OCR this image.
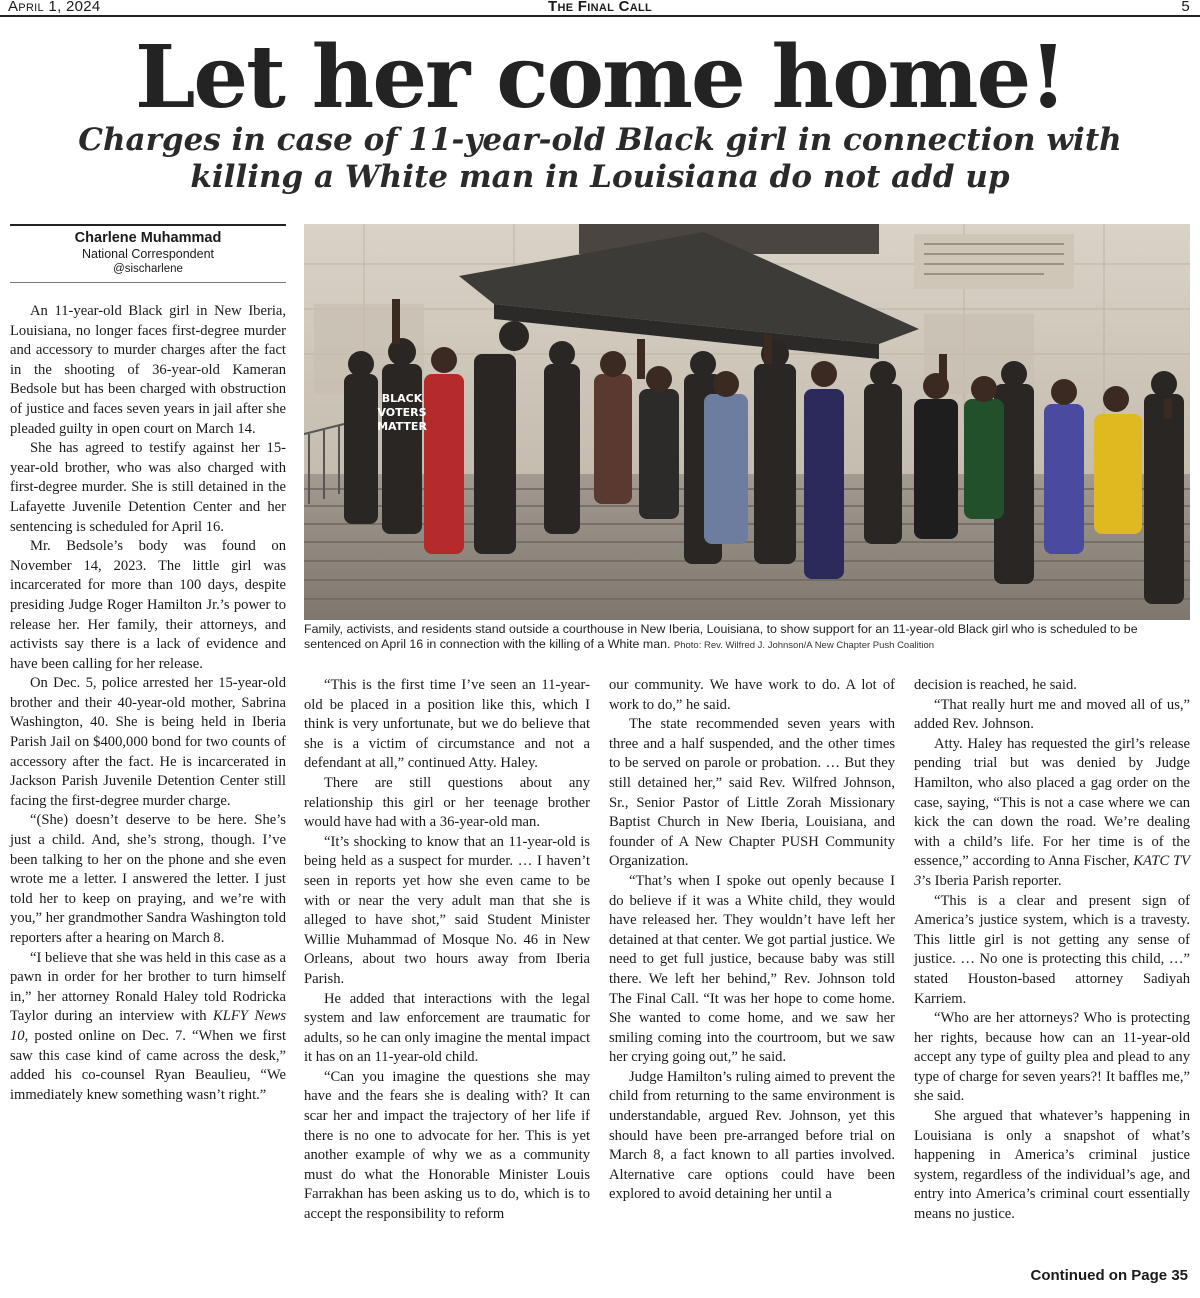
April 1, 2024	The Final Call	5
Let her come home!
Charges in case of 11-year-old Black girl in connection with
killing a White man in Louisiana do not add up
Charlene Muhammad
National Correspondent
@sischarlene

An 11-year-old Black girl in New Iberia, Louisiana, no longer faces first-degree murder and accessory to murder charges after the fact in the shooting of 36-year-old Kameran Bedsole but has been charged with obstruction of justice and faces seven years in jail after she pleaded guilty in open court on March 14.

She has agreed to testify against her 15-year-old brother, who was also charged with first-degree murder. She is still detained in the Lafayette Juvenile Detention Center and her sentencing is scheduled for April 16.

Mr. Bedsole’s body was found on November 14, 2023. The little girl was incarcerated for more than 100 days, despite presiding Judge Roger Hamilton Jr.’s power to release her. Her family, their attorneys, and activists say there is a lack of evidence and have been calling for her release.

On Dec. 5, police arrested her 15-year-old brother and their 40-year-old mother, Sabrina Washington, 40. She is being held in Iberia Parish Jail on $400,000 bond for two counts of accessory after the fact. He is incarcerated in Jackson Parish Juvenile Detention Center still facing the first-degree murder charge.

“(She) doesn’t deserve to be here. She’s just a child. And, she’s strong, though. I’ve been talking to her on the phone and she even wrote me a letter. I answered the letter. I just told her to keep on praying, and we’re with you,” her grandmother Sandra Washington told reporters after a hearing on March 8.

“I believe that she was held in this case as a pawn in order for her brother to turn himself in,” her attorney Ronald Haley told Rodricka Taylor during an interview with KLFY News 10, posted online on Dec. 7. “When we first saw this case kind of came across the desk,” added his co-counsel Ryan Beaulieu, “We immediately knew something wasn’t right.”

BLACK
VOTERS
MATTER
Family, activists, and residents stand outside a courthouse in New Iberia, Louisiana, to show support for an 11-year-old Black girl who is scheduled to be sentenced on April 16 in connection with the killing of a White man. Photo: Rev. Wilfred J. Johnson/A New Chapter Push Coalition

“This is the first time I’ve seen an 11-year-old be placed in a position like this, which I think is very unfortunate, but we do believe that she is a victim of circumstance and not a defendant at all,” continued Atty. Haley.

There are still questions about any relationship this girl or her teenage brother would have had with a 36-year-old man.

“It’s shocking to know that an 11-year-old is being held as a suspect for murder. … I haven’t seen in reports yet how she even came to be with or near the very adult man that she is alleged to have shot,” said Student Minister Willie Muhammad of Mosque No. 46 in New Orleans, about two hours away from Iberia Parish.

He added that interactions with the legal system and law enforcement are traumatic for adults, so he can only imagine the mental impact it has on an 11-year-old child.

“Can you imagine the questions she may have and the fears she is dealing with? It can scar her and impact the trajectory of her life if there is no one to advocate for her. This is yet another example of why we as a community must do what the Honorable Minister Louis Farrakhan has been asking us to do, which is to accept the responsibility to reform

our community. We have work to do. A lot of work to do,” he said.

The state recommended seven years with three and a half suspended, and the other times to be served on parole or probation. … But they still detained her,” said Rev. Wilfred Johnson, Sr., Senior Pastor of Little Zorah Missionary Baptist Church in New Iberia, Louisiana, and founder of A New Chapter PUSH Community Organization.

“That’s when I spoke out openly because I do believe if it was a White child, they would have released her. They wouldn’t have left her detained at that center. We got partial justice. We need to get full justice, because baby was still there. We left her behind,” Rev. Johnson told The Final Call. “It was her hope to come home. She wanted to come home, and we saw her smiling coming into the courtroom, but we saw her crying going out,” he said.

Judge Hamilton’s ruling aimed to prevent the child from returning to the same environment is understandable, argued Rev. Johnson, yet this should have been pre-arranged before trial on March 8, a fact known to all parties involved. Alternative care options could have been explored to avoid detaining her until a

decision is reached, he said.

“That really hurt me and moved all of us,” added Rev. Johnson.

Atty. Haley has requested the girl’s release pending trial but was denied by Judge Hamilton, who also placed a gag order on the case, saying, “This is not a case where we can kick the can down the road. We’re dealing with a child’s life. For her time is of the essence,” according to Anna Fischer, KATC TV 3’s Iberia Parish reporter.

“This is a clear and present sign of America’s justice system, which is a travesty. This little girl is not getting any sense of justice. … No one is protecting this child, …” stated Houston-based attorney Sadiyah Karriem.

“Who are her attorneys? Who is protecting her rights, because how can an 11-year-old accept any type of guilty plea and plead to any type of charge for seven years?! It baffles me,” she said.

She argued that whatever’s happening in Louisiana is only a snapshot of what’s happening in America’s criminal justice system, regardless of the individual’s age, and entry into America’s criminal court essentially means no justice.

Continued on Page 35
